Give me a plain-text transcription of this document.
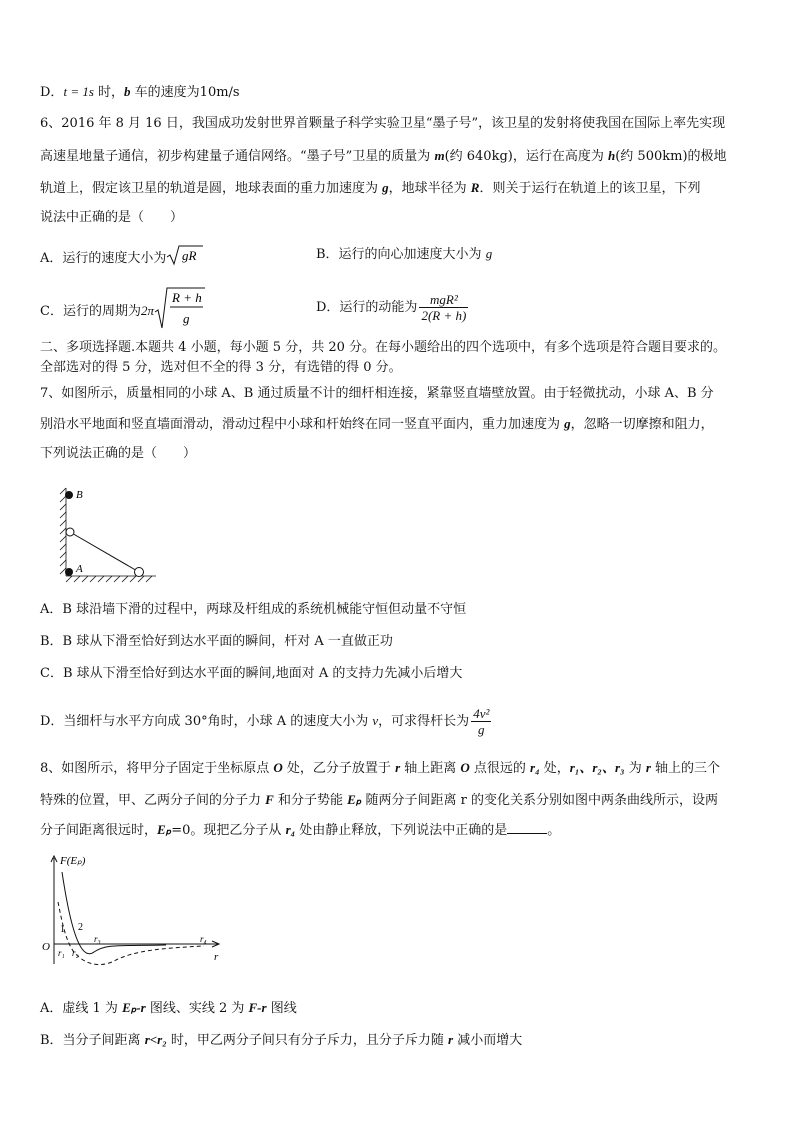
D．t = 1s 时，b 车的速度为10m/s
6、2016 年 8 月 16 日，我国成功发射世界首颗量子科学实验卫星“墨子号”，该卫星的发射将使我国在国际上率先实现
高速星地量子通信，初步构建量子通信网络。“墨子号”卫星的质量为 m(约 640kg)，运行在高度为 h(约 500km)的极地
轨道上，假定该卫星的轨道是圆，地球表面的重力加速度为 g，地球半径为 R．则关于运行在轨道上的该卫星，下列
说法中正确的是（　　）
A．运行的速度大小为 gR	B．运行的向心加速度大小为 g
C．运行的周期为2π
R + h
g
D．运行的动能为 $\frac{\text{mgR²}}{2(R + h)}$
二、多项选择题.本题共 4 小题，每小题 5 分，共 20 分。在每小题给出的四个选项中，有多个选项是符合题目要求的。
全部选对的得 5 分，选对但不全的得 3 分，有选错的得 0 分。
7、如图所示，质量相同的小球 A、B 通过质量不计的细杆相连接，紧靠竖直墙壁放置。由于轻微扰动，小球 A、B 分
别沿水平地面和竖直墙面滑动，滑动过程中小球和杆始终在同一竖直平面内，重力加速度为 g，忽略一切摩擦和阻力，
下列说法正确的是（　　）
B
A
A．B 球沿墙下滑的过程中，两球及杆组成的系统机械能守恒但动量不守恒
B．B 球从下滑至恰好到达水平面的瞬间，杆对 A 一直做正功
C．B 球从下滑至恰好到达水平面的瞬间,地面对 A 的支持力先减小后增大
D．当细杆与水平方向成 30°角时，小球 A 的速度大小为 v，可求得杆长为 $\frac{\text{4v²}}{g}$
8、如图所示，将甲分子固定于坐标原点 O 处，乙分子放置于 r 轴上距离 O 点很远的 r₄ 处，r₁、r₂、r₃ 为 r 轴上的三个
特殊的位置，甲、乙两分子间的分子力 F 和分子势能 Eₚ 随两分子间距离 r 的变化关系分别如图中两条曲线所示，设两
分子间距离很远时，Eₚ=0。现把乙分子从 r₄ 处由静止释放，下列说法中正确的是	。
F(Eₚ)
O
r
1 2
r₁ r₂
r₃	r₄
A．虚线 1 为 Eₚ-r 图线、实线 2 为 F-r 图线
B．当分子间距离 r<r₂ 时，甲乙两分子间只有分子斥力，且分子斥力随 r 减小而增大
